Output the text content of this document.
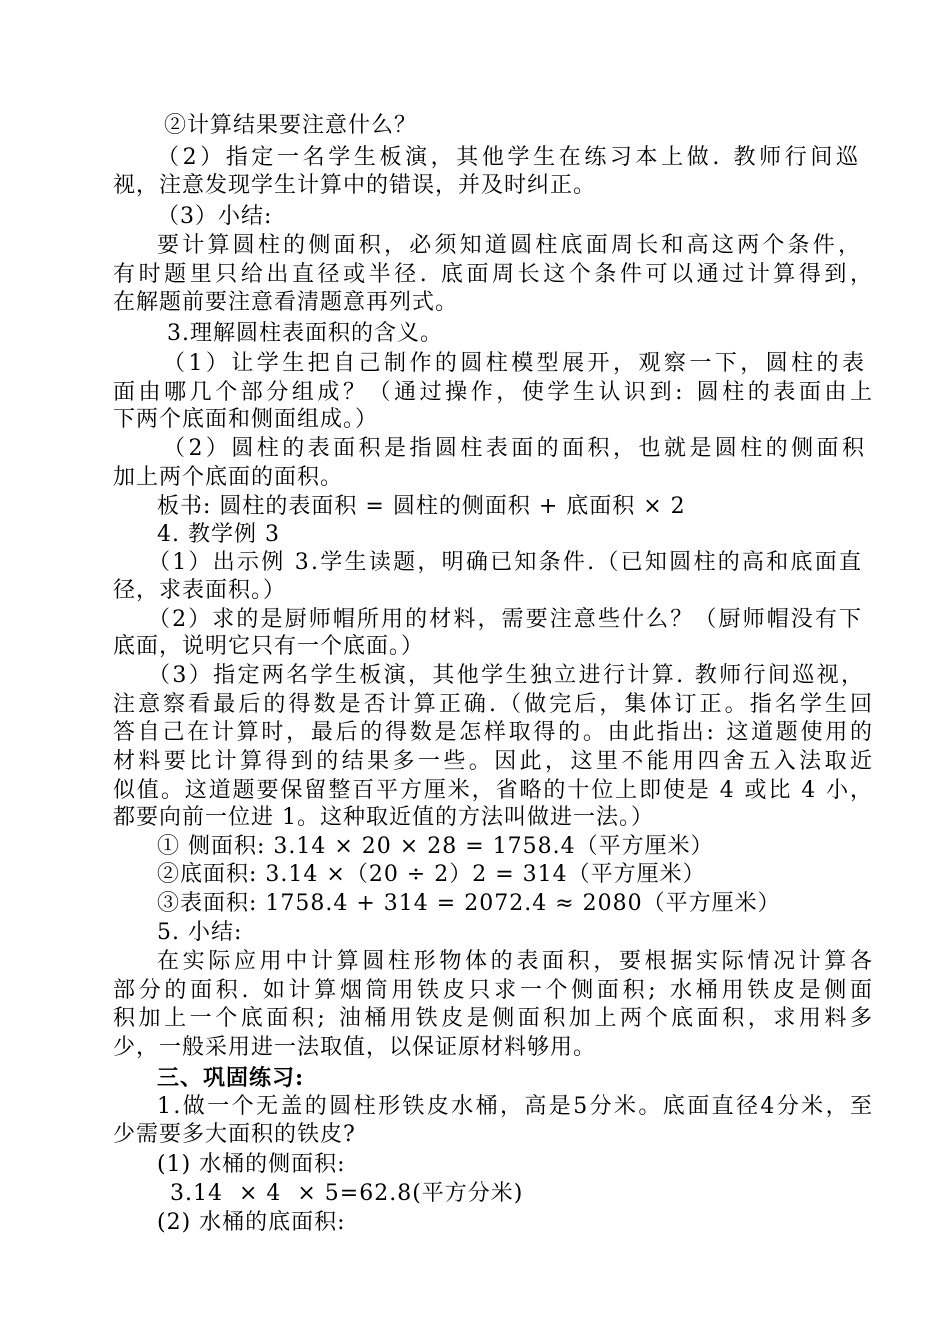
②计算结果要注意什么？
（2）指定一名学生板演，其他学生在练习本上做. 教师行间巡
视，注意发现学生计算中的错误，并及时纠正。
（3）小结:
要计算圆柱的侧面积，必须知道圆柱底面周长和高这两个条件，
有时题里只给出直径或半径. 底面周长这个条件可以通过计算得到，
在解题前要注意看清题意再列式。
3.理解圆柱表面积的含义。
（1）让学生把自己制作的圆柱模型展开，观察一下，圆柱的表
面由哪几个部分组成？（通过操作，使学生认识到: 圆柱的表面由上
下两个底面和侧面组成。）
（2）圆柱的表面积是指圆柱表面的面积，也就是圆柱的侧面积
加上两个底面的面积。
板书: 圆柱的表面积 = 圆柱的侧面积 + 底面积 × 2
4. 教学例 3
（1）出示例 3.学生读题，明确已知条件.（已知圆柱的高和底面直
径，求表面积。）
（2）求的是厨师帽所用的材料，需要注意些什么？（厨师帽没有下
底面，说明它只有一个底面。）
（3）指定两名学生板演，其他学生独立进行计算. 教师行间巡视，
注意察看最后的得数是否计算正确.（做完后，集体订正。指名学生回
答自己在计算时，最后的得数是怎样取得的。由此指出: 这道题使用的
材料要比计算得到的结果多一些。因此，这里不能用四舍五入法取近
似值。这道题要保留整百平方厘米，省略的十位上即使是 4 或比 4 小，
都要向前一位进 1。这种取近值的方法叫做进一法。）
① 侧面积: 3.14 × 20 × 28 = 1758.4（平方厘米）
②底面积: 3.14 ×（20 ÷ 2）2 = 314（平方厘米）
③表面积: 1758.4 + 314 = 2072.4 ≈ 2080（平方厘米）
5. 小结:
在实际应用中计算圆柱形物体的表面积，要根据实际情况计算各
部分的面积. 如计算烟筒用铁皮只求一个侧面积; 水桶用铁皮是侧面
积加上一个底面积; 油桶用铁皮是侧面积加上两个底面积，求用料多
少，一般采用进一法取值，以保证原材料够用。
三、巩固练习:
1.做一个无盖的圆柱形铁皮水桶，高是5分米。底面直径4分米，至
少需要多大面积的铁皮?
(1) 水桶的侧面积:
3.14  × 4  × 5=62.8(平方分米)
(2) 水桶的底面积:
